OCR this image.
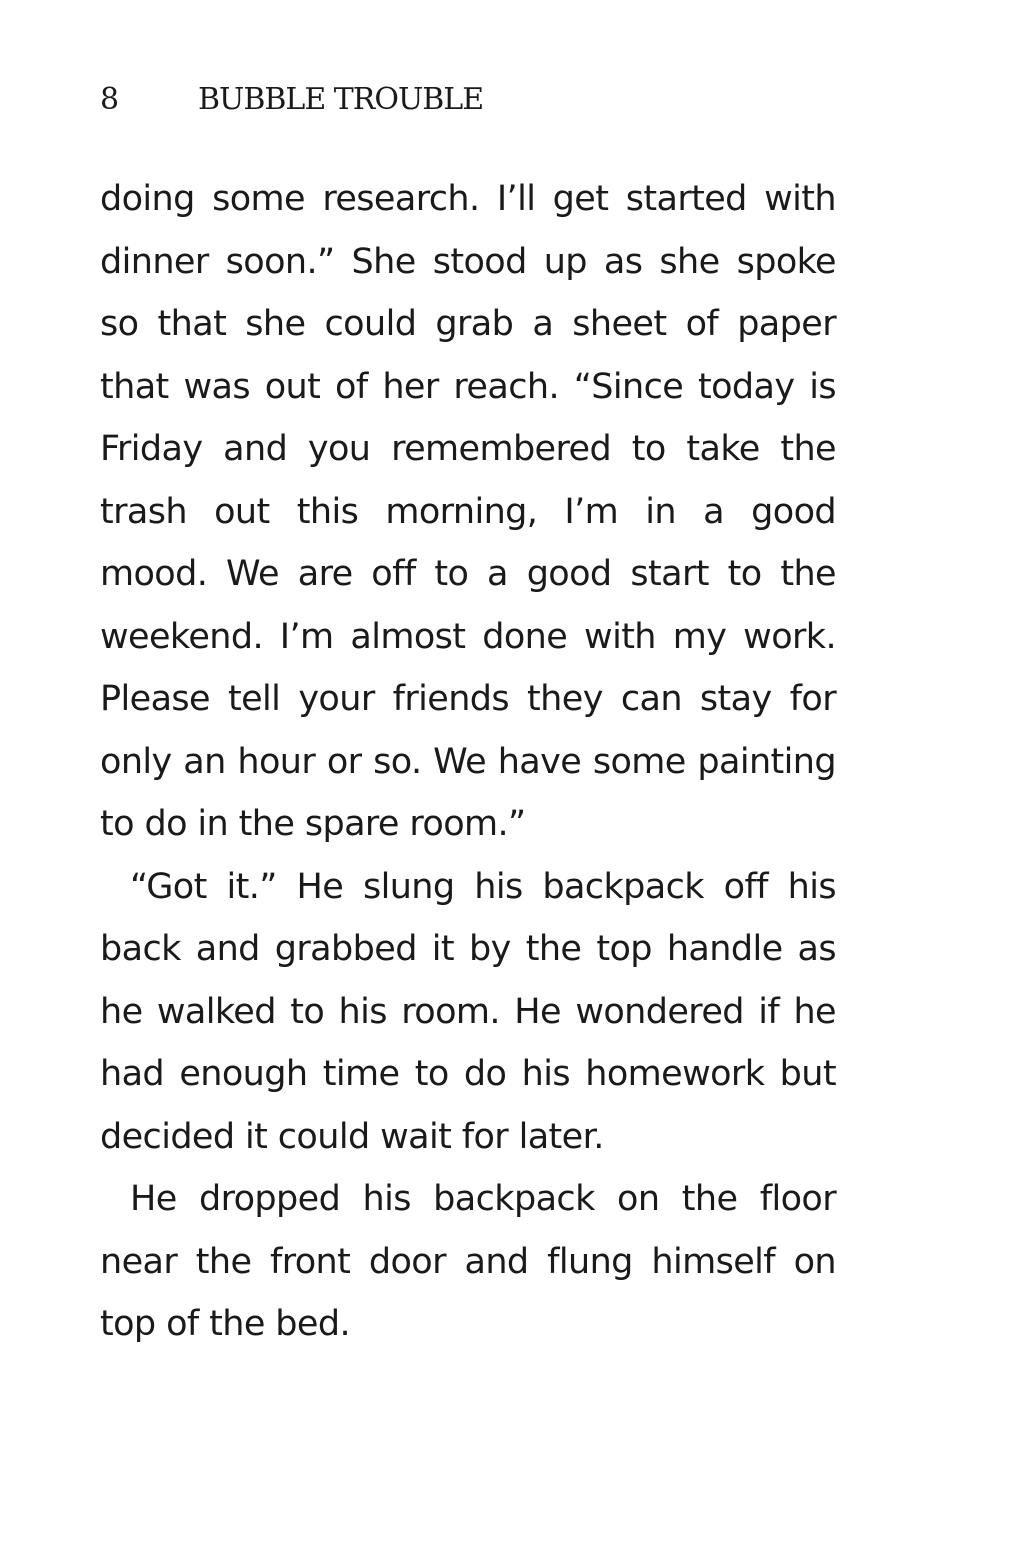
8	BUBBLE TROUBLE

doing some research. I’ll get started with dinner soon.” She stood up as she spoke so that she could grab a sheet of paper that was out of her reach. “Since today is Friday and you remembered to take the trash out this morning, I’m in a good mood. We are off to a good start to the weekend. I’m almost done with my work. Please tell your friends they can stay for only an hour or so. We have some painting to do in the spare room.”

“Got it.” He slung his backpack off his back and grabbed it by the top handle as he walked to his room. He wondered if he had enough time to do his homework but decided it could wait for later.

He dropped his backpack on the floor near the front door and flung himself on top of the bed.
